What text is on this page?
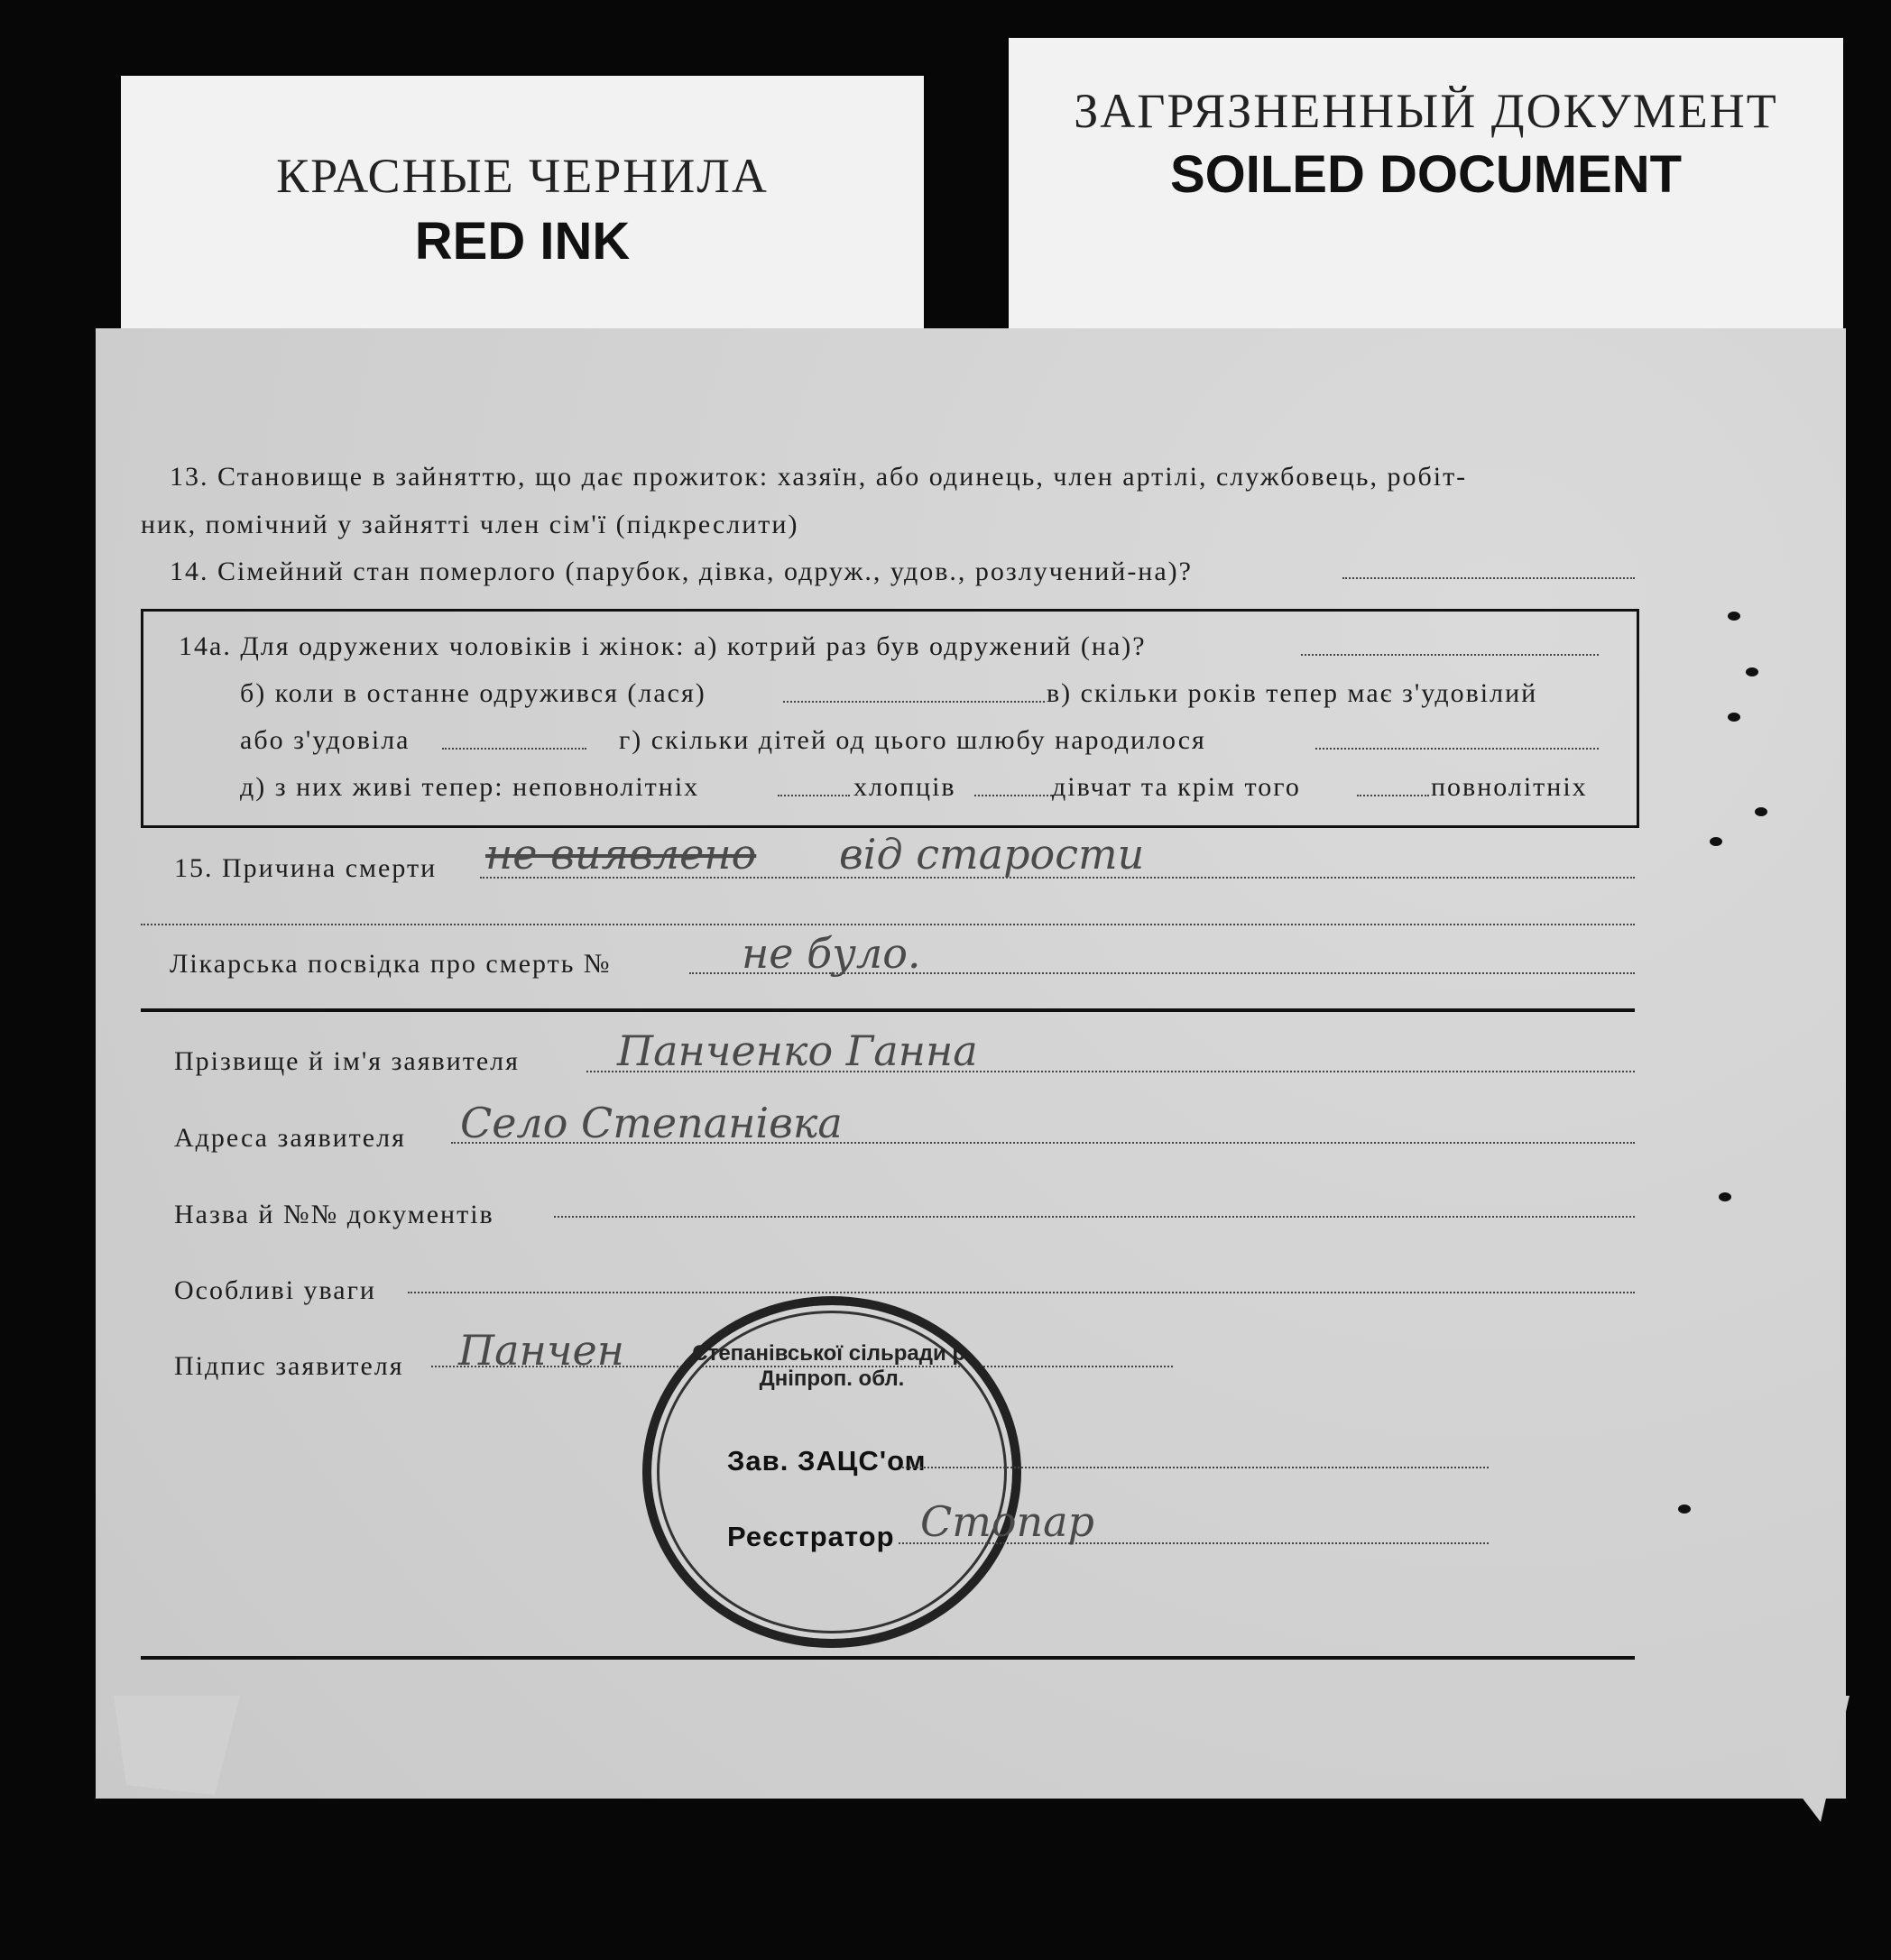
КРАСНЫЕ ЧЕРНИЛА
RED INK
ЗАГРЯЗНЕННЫЙ ДОКУМЕНТ
SOILED DOCUMENT
13. Становище в зайняттю, що дає прожиток: хазяїн, або одинець, член артілі, службовець, робіт-
ник, помічний у зайнятті член сім'ї (підкреслити)
14. Сімейний стан померлого (парубок, дівка, одруж., удов., розлучений-на)?
14а. Для одружених чоловіків і жінок: а) котрий раз був одружений (на)?
б) коли в останне одружився (лася)	в) скільки років тепер має з'удовілий
або з'удовіла	г) скільки дітей од цього шлюбу народилося
д) з них живі тепер: неповнолітніх	хлопців	дівчат та крім того	повнолітніх
15. Причина смерти не виявлено від старости
Лікарська посвідка про смерть №	не було.
Прізвище й ім'я заявителя Панченко Ганна
Адреса заявителя Село Степанівка
Назва й №№ документів
Особливі уваги
Підпис заявителя Панчен	Степанівської сільради р. Дніпроп. обл.
Зав. ЗАЦС'ом
Реєстратор Стопар
